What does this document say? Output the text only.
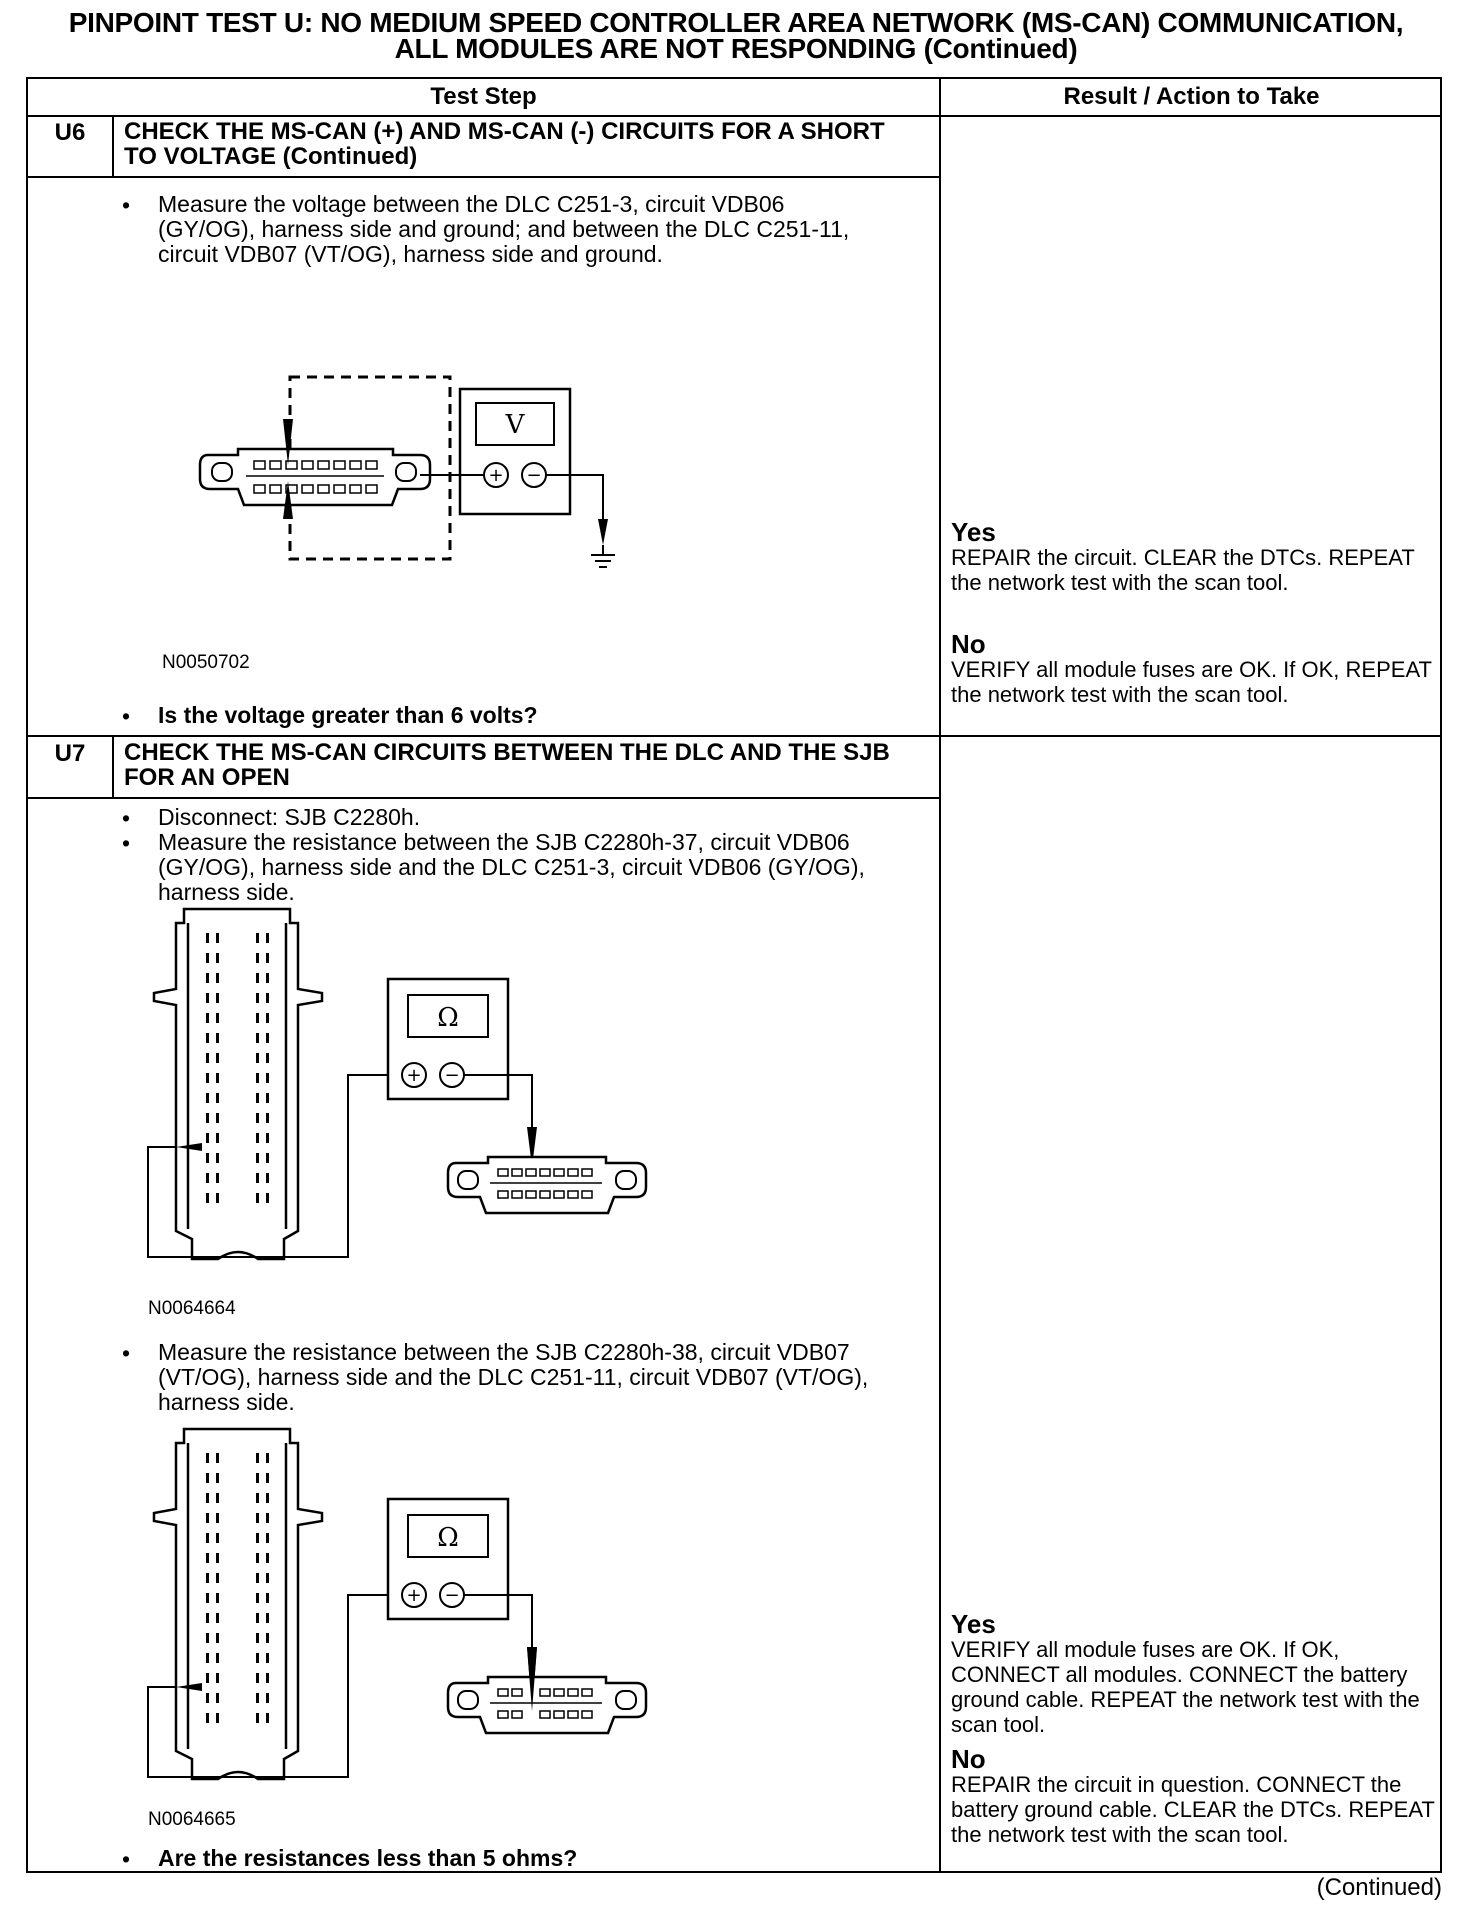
PINPOINT TEST U: NO MEDIUM SPEED CONTROLLER AREA NETWORK (MS-CAN) COMMUNICATION,
ALL MODULES ARE NOT RESPONDING (Continued)
Test Step	Result / Action to Take
U6	CHECK THE MS-CAN (+) AND MS-CAN (-) CIRCUITS FOR A SHORT TO VOLTAGE (Continued)
• Measure the voltage between the DLC C251-3, circuit VDB06 (GY/OG), harness side and ground; and between the DLC C251-11, circuit VDB07 (VT/OG), harness side and ground.
V
+ −
N0050702
• Is the voltage greater than 6 volts?
Yes
REPAIR the circuit. CLEAR the DTCs. REPEAT the network test with the scan tool.
No
VERIFY all module fuses are OK. If OK, REPEAT the network test with the scan tool.
U7	CHECK THE MS-CAN CIRCUITS BETWEEN THE DLC AND THE SJB FOR AN OPEN
• Disconnect: SJB C2280h.
• Measure the resistance between the SJB C2280h-37, circuit VDB06 (GY/OG), harness side and the DLC C251-3, circuit VDB06 (GY/OG), harness side.
Ω
+ −
N0064664
• Measure the resistance between the SJB C2280h-38, circuit VDB07 (VT/OG), harness side and the DLC C251-11, circuit VDB07 (VT/OG), harness side.
Ω
+ −
N0064665
• Are the resistances less than 5 ohms?
Yes
VERIFY all module fuses are OK. If OK, CONNECT all modules. CONNECT the battery ground cable. REPEAT the network test with the scan tool.
No
REPAIR the circuit in question. CONNECT the battery ground cable. CLEAR the DTCs. REPEAT the network test with the scan tool.
(Continued)
